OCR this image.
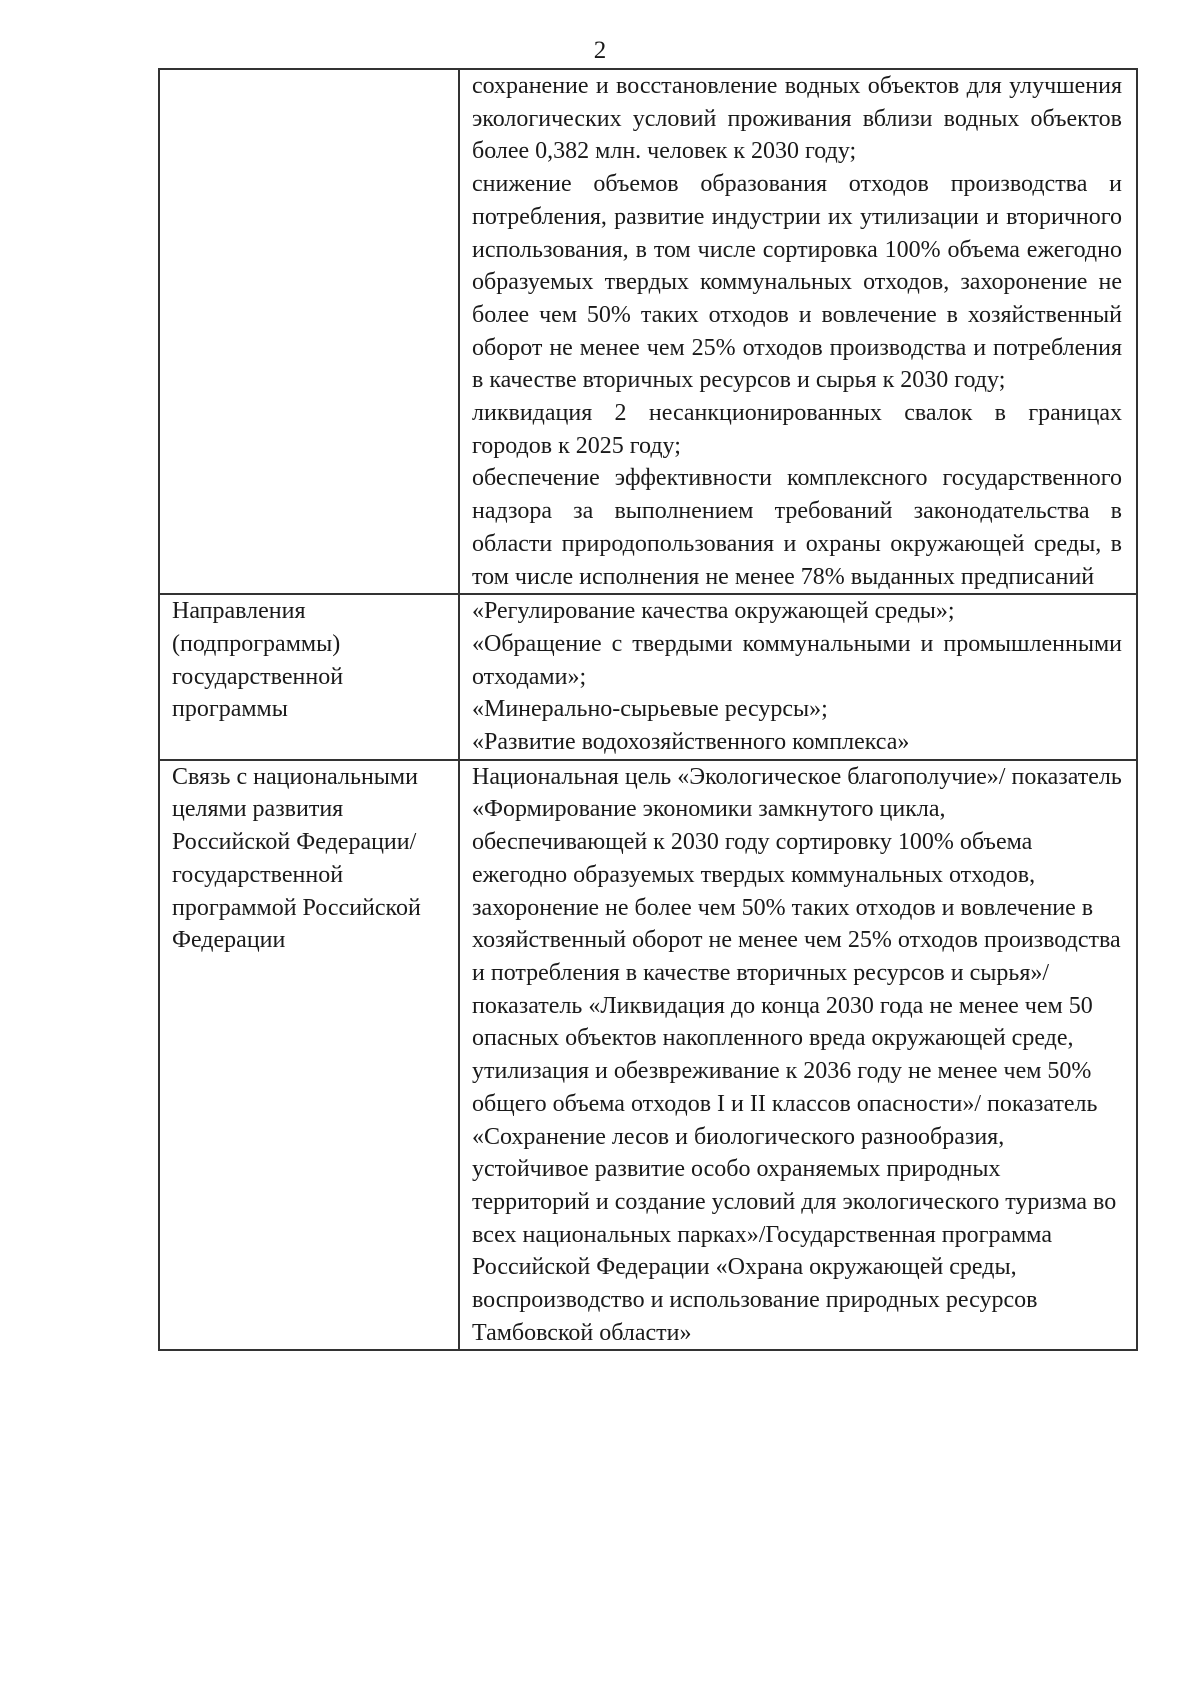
2

	сохранение и восстановление водных объектов для улучшения экологических условий проживания вблизи водных объектов более 0,382 млн. человек к 2030 году;

снижение объемов образования отходов производства и потребления, развитие индустрии их утилизации и вторичного использования, в том числе сортировка 100% объема ежегодно образуемых твердых коммунальных отходов, захоронение не более чем 50% таких отходов и вовлечение в хозяйственный оборот не менее чем 25% отходов производства и потребления в качестве вторичных ресурсов и сырья к 2030 году;

ликвидация 2 несанкционированных свалок в границах городов к 2025 году;

обеспечение эффективности комплексного государственного надзора за выполнением требований законодательства в области природопользования и охраны окружающей среды, в том числе исполнения не менее 78% выданных предписаний

Направления (подпрограммы) государственной программы	«Регулирование качества окружающей среды»;

«Обращение с твердыми коммунальными и промышленными отходами»;

«Минерально-сырьевые ресурсы»;

«Развитие водохозяйственного комплекса»

Связь с национальными целями развития Российской Федерации/ государственной программой Российской Федерации	Национальная цель «Экологическое благополучие»/ показатель «Формирование экономики замкнутого цикла, обеспечивающей к 2030 году сортировку 100% объема ежегодно образуемых твердых коммунальных отходов, захоронение не более чем 50% таких отходов и вовлечение в хозяйственный оборот не менее чем 25% отходов производства и потребления в качестве вторичных ресурсов и сырья»/ показатель «Ликвидация до конца 2030 года не менее чем 50 опасных объектов накопленного вреда окружающей среде, утилизация и обезвреживание к 2036 году не менее чем 50% общего объема отходов I и II классов опасности»/ показатель «Сохранение лесов и биологического разнообразия, устойчивое развитие особо охраняемых природных территорий и создание условий для экологического туризма во всех национальных парках»/Государственная программа Российской Федерации «Охрана окружающей среды, воспроизводство и использование природных ресурсов Тамбовской области»
